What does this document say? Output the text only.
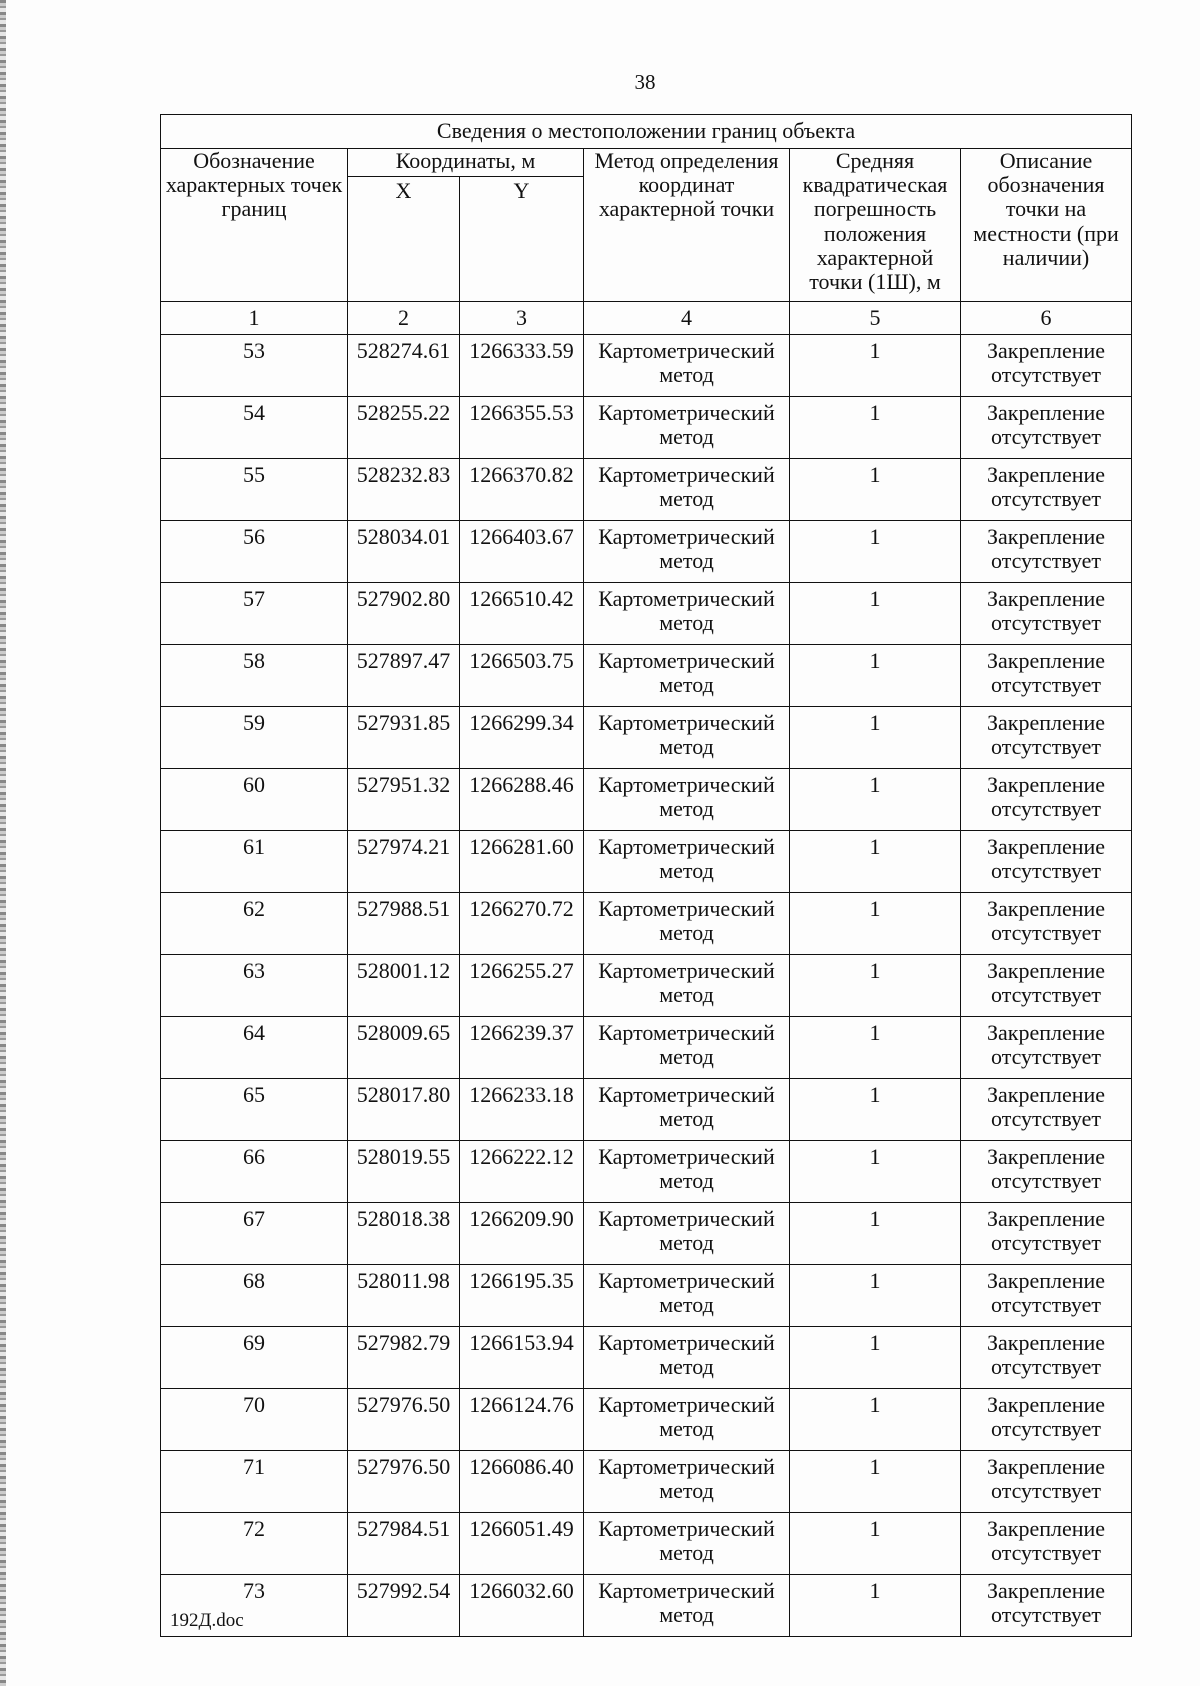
38
Сведения о местоположении границ объекта					
Обозначение характерных точек границ	Координаты, м		Метод определения координат характерной точки	Средняя квадратическая погрешность положения характерной точки (1Ш), м	Описание обозначения точки на местности (при наличии)
	X	Y			
1	2	3	4	5	6
53	528274.61	1266333.59	Картометрический метод	1	Закрепление отсутствует
54	528255.22	1266355.53	Картометрический метод	1	Закрепление отсутствует
55	528232.83	1266370.82	Картометрический метод	1	Закрепление отсутствует
56	528034.01	1266403.67	Картометрический метод	1	Закрепление отсутствует
57	527902.80	1266510.42	Картометрический метод	1	Закрепление отсутствует
58	527897.47	1266503.75	Картометрический метод	1	Закрепление отсутствует
59	527931.85	1266299.34	Картометрический метод	1	Закрепление отсутствует
60	527951.32	1266288.46	Картометрический метод	1	Закрепление отсутствует
61	527974.21	1266281.60	Картометрический метод	1	Закрепление отсутствует
62	527988.51	1266270.72	Картометрический метод	1	Закрепление отсутствует
63	528001.12	1266255.27	Картометрический метод	1	Закрепление отсутствует
64	528009.65	1266239.37	Картометрический метод	1	Закрепление отсутствует
65	528017.80	1266233.18	Картометрический метод	1	Закрепление отсутствует
66	528019.55	1266222.12	Картометрический метод	1	Закрепление отсутствует
67	528018.38	1266209.90	Картометрический метод	1	Закрепление отсутствует
68	528011.98	1266195.35	Картометрический метод	1	Закрепление отсутствует
69	527982.79	1266153.94	Картометрический метод	1	Закрепление отсутствует
70	527976.50	1266124.76	Картометрический метод	1	Закрепление отсутствует
71	527976.50	1266086.40	Картометрический метод	1	Закрепление отсутствует
72	527984.51	1266051.49	Картометрический метод	1	Закрепление отсутствует
73	527992.54	1266032.60	Картометрический метод	1	Закрепление отсутствует
192Д.doc
